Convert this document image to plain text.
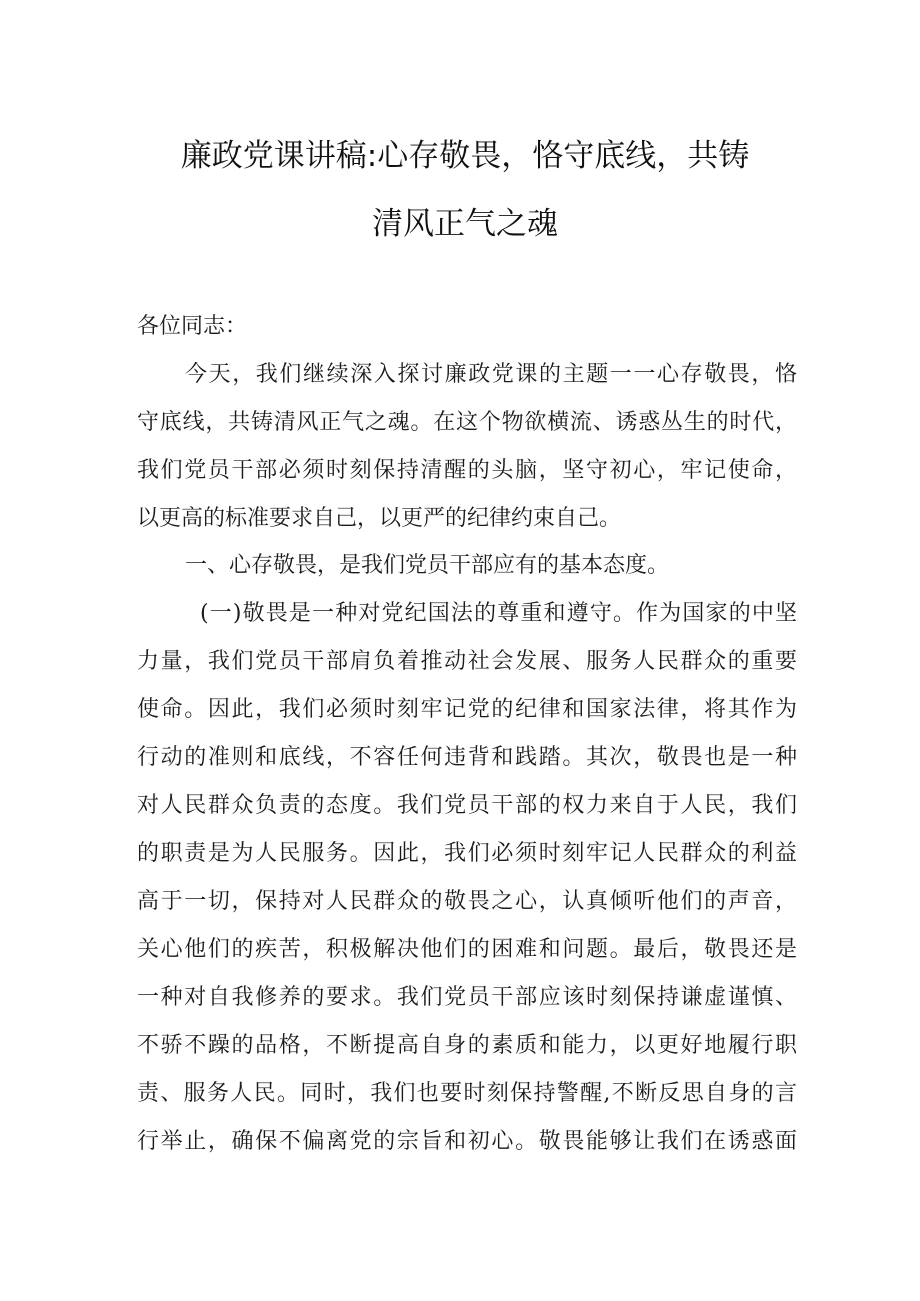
廉政党课讲稿:心存敬畏，恪守底线，共铸
清风正气之魂
各位同志：
今天，我们继续深入探讨廉政党课的主题一一心存敬畏，恪
守底线，共铸清风正气之魂。在这个物欲横流、诱惑丛生的时代，
我们党员干部必须时刻保持清醒的头脑，坚守初心，牢记使命，
以更高的标准要求自己，以更严的纪律约束自己。
一、心存敬畏，是我们党员干部应有的基本态度。
(一)敬畏是一种对党纪国法的尊重和遵守。作为国家的中坚
力量，我们党员干部肩负着推动社会发展、服务人民群众的重要
使命。因此，我们必须时刻牢记党的纪律和国家法律，将其作为
行动的准则和底线，不容任何违背和践踏。其次，敬畏也是一种
对人民群众负责的态度。我们党员干部的权力来自于人民，我们
的职责是为人民服务。因此，我们必须时刻牢记人民群众的利益
高于一切，保持对人民群众的敬畏之心，认真倾听他们的声音，
关心他们的疾苦，积极解决他们的困难和问题。最后，敬畏还是
一种对自我修养的要求。我们党员干部应该时刻保持谦虚谨慎、
不骄不躁的品格，不断提高自身的素质和能力，以更好地履行职
责、服务人民。同时，我们也要时刻保持警醒,不断反思自身的言
行举止，确保不偏离党的宗旨和初心。敬畏能够让我们在诱惑面
